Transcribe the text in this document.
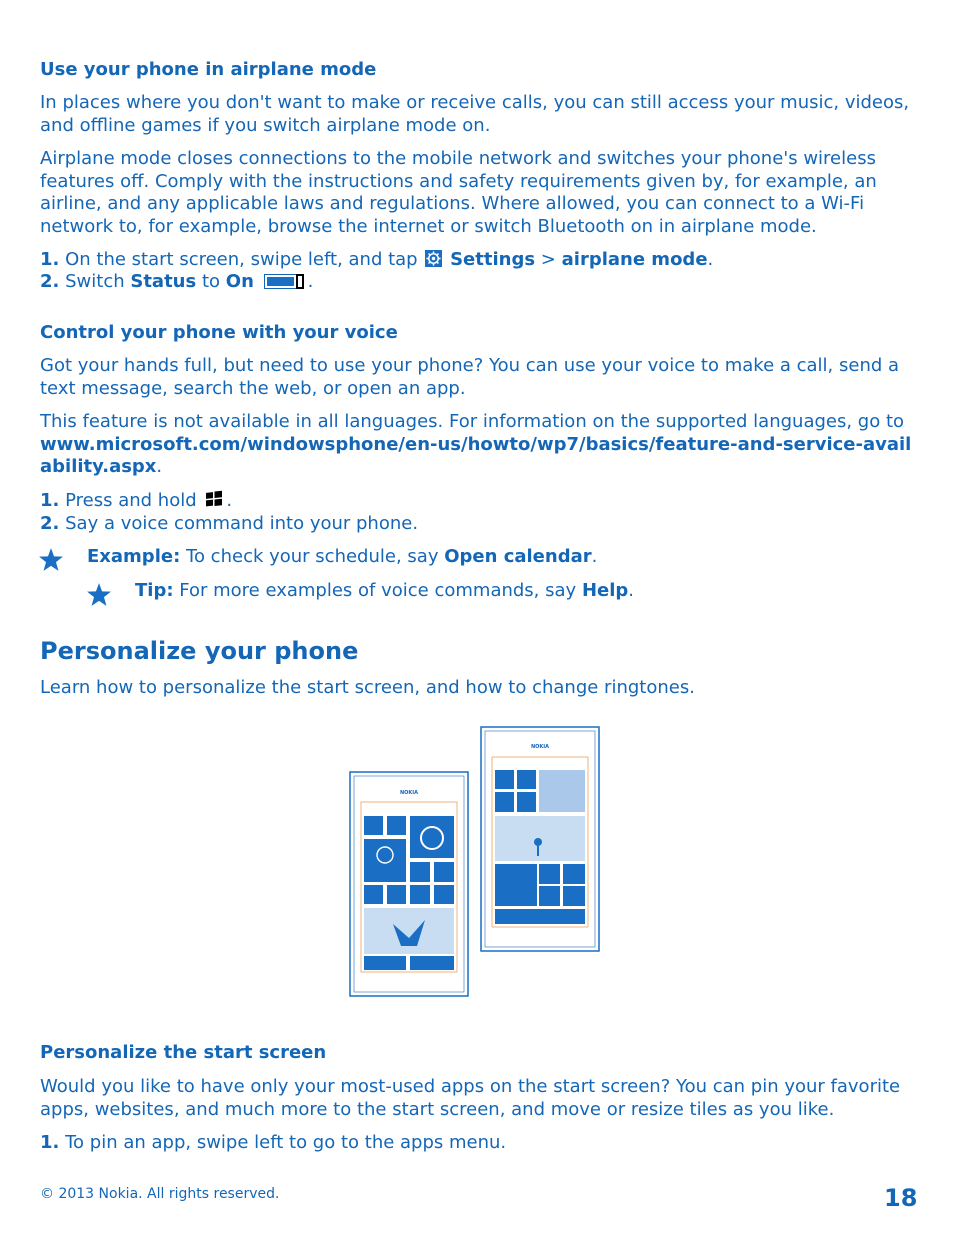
Use your phone in airplane mode
In places where you don't want to make or receive calls, you can still access your music, videos, and offline games if you switch airplane mode on.
Airplane mode closes connections to the mobile network and switches your phone's wireless features off. Comply with the instructions and safety requirements given by, for example, an airline, and any applicable laws and regulations. Where allowed, you can connect to a Wi-Fi network to, for example, browse the internet or switch Bluetooth on in airplane mode.
1. On the start screen, swipe left, and tap Settings > airplane mode.
2. Switch Status to On	.
Control your phone with your voice
Got your hands full, but need to use your phone? You can use your voice to make a call, send a text message, search the web, or open an app.
This feature is not available in all languages. For information on the supported languages, go to www.microsoft.com/windowsphone/en-us/howto/wp7/basics/feature-and-service-availability.aspx.
1. Press and hold .
2. Say a voice command into your phone.
Example: To check your schedule, say Open calendar.
Tip: For more examples of voice commands, say Help.
Personalize your phone
Learn how to personalize the start screen, and how to change ringtones.
NOKIA
NOKIA
Personalize the start screen
Would you like to have only your most-used apps on the start screen? You can pin your favorite apps, websites, and much more to the start screen, and move or resize tiles as you like.
1. To pin an app, swipe left to go to the apps menu.
© 2013 Nokia. All rights reserved.	18
